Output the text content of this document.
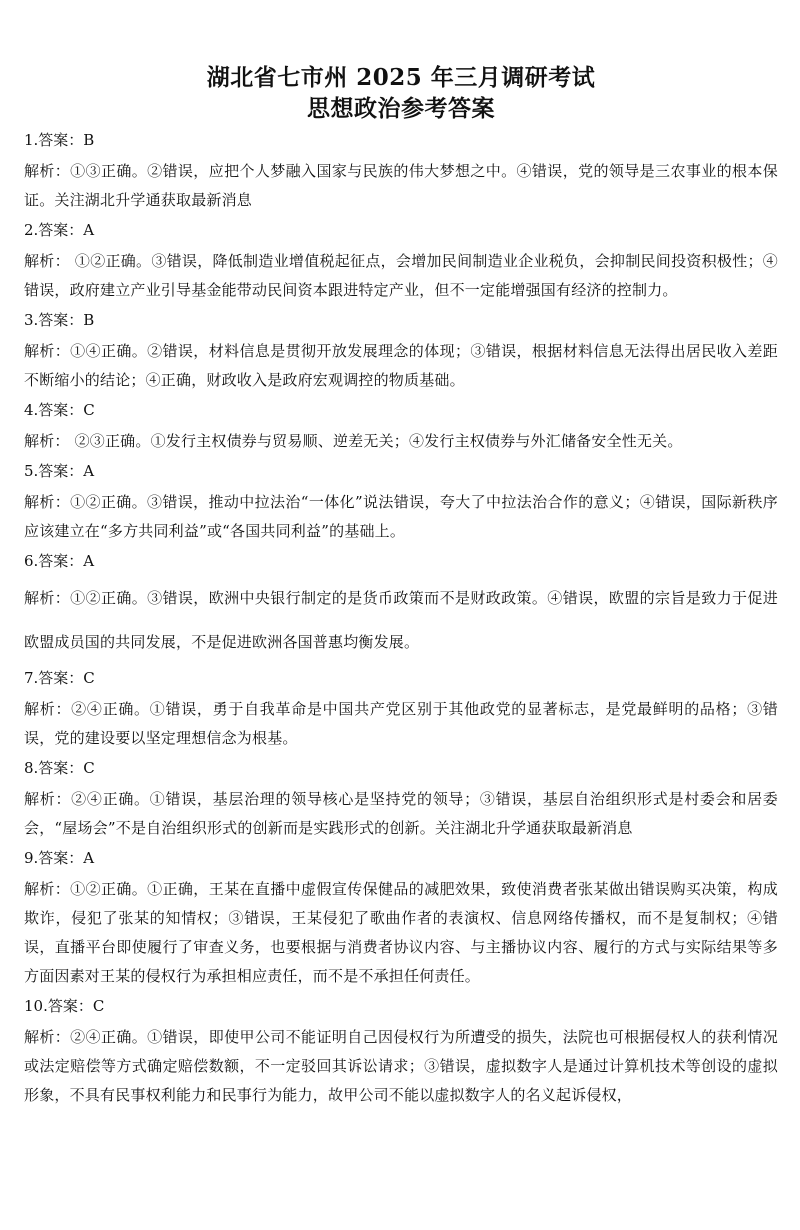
湖北省七市州 2025 年三月调研考试
思想政治参考答案

1.答案：B

解析：①③正确。②错误，应把个人梦融入国家与民族的伟大梦想之中。④错误，党的领导是三农事业的根本保证。关注湖北升学通获取最新消息

2.答案：A

解析： ①②正确。③错误，降低制造业增值税起征点，会增加民间制造业企业税负，会抑制民间投资积极性；④错误，政府建立产业引导基金能带动民间资本跟进特定产业，但不一定能增强国有经济的控制力。

3.答案：B

解析：①④正确。②错误，材料信息是贯彻开放发展理念的体现；③错误，根据材料信息无法得出居民收入差距不断缩小的结论；④正确，财政收入是政府宏观调控的物质基础。

4.答案：C

解析： ②③正确。①发行主权债券与贸易顺、逆差无关；④发行主权债券与外汇储备安全性无关。

5.答案：A

解析：①②正确。③错误，推动中拉法治“一体化”说法错误，夸大了中拉法治合作的意义；④错误，国际新秩序应该建立在“多方共同利益”或“各国共同利益”的基础上。

6.答案：A

解析：①②正确。③错误，欧洲中央银行制定的是货币政策而不是财政政策。④错误，欧盟的宗旨是致力于促进欧盟成员国的共同发展，不是促进欧洲各国普惠均衡发展。

7.答案：C

解析：②④正确。①错误，勇于自我革命是中国共产党区别于其他政党的显著标志，是党最鲜明的品格；③错误，党的建设要以坚定理想信念为根基。

8.答案：C

解析：②④正确。①错误，基层治理的领导核心是坚持党的领导；③错误，基层自治组织形式是村委会和居委会，“屋场会”不是自治组织形式的创新而是实践形式的创新。关注湖北升学通获取最新消息

9.答案：A

解析：①②正确。①正确，王某在直播中虚假宣传保健品的减肥效果，致使消费者张某做出错误购买决策，构成欺诈，侵犯了张某的知情权；③错误，王某侵犯了歌曲作者的表演权、信息网络传播权，而不是复制权；④错误，直播平台即使履行了审查义务，也要根据与消费者协议内容、与主播协议内容、履行的方式与实际结果等多方面因素对王某的侵权行为承担相应责任，而不是不承担任何责任。

10.答案：C

解析：②④正确。①错误，即使甲公司不能证明自己因侵权行为所遭受的损失，法院也可根据侵权人的获利情况或法定赔偿等方式确定赔偿数额，不一定驳回其诉讼请求；③错误，虚拟数字人是通过计算机技术等创设的虚拟形象，不具有民事权利能力和民事行为能力，故甲公司不能以虚拟数字人的名义起诉侵权，
